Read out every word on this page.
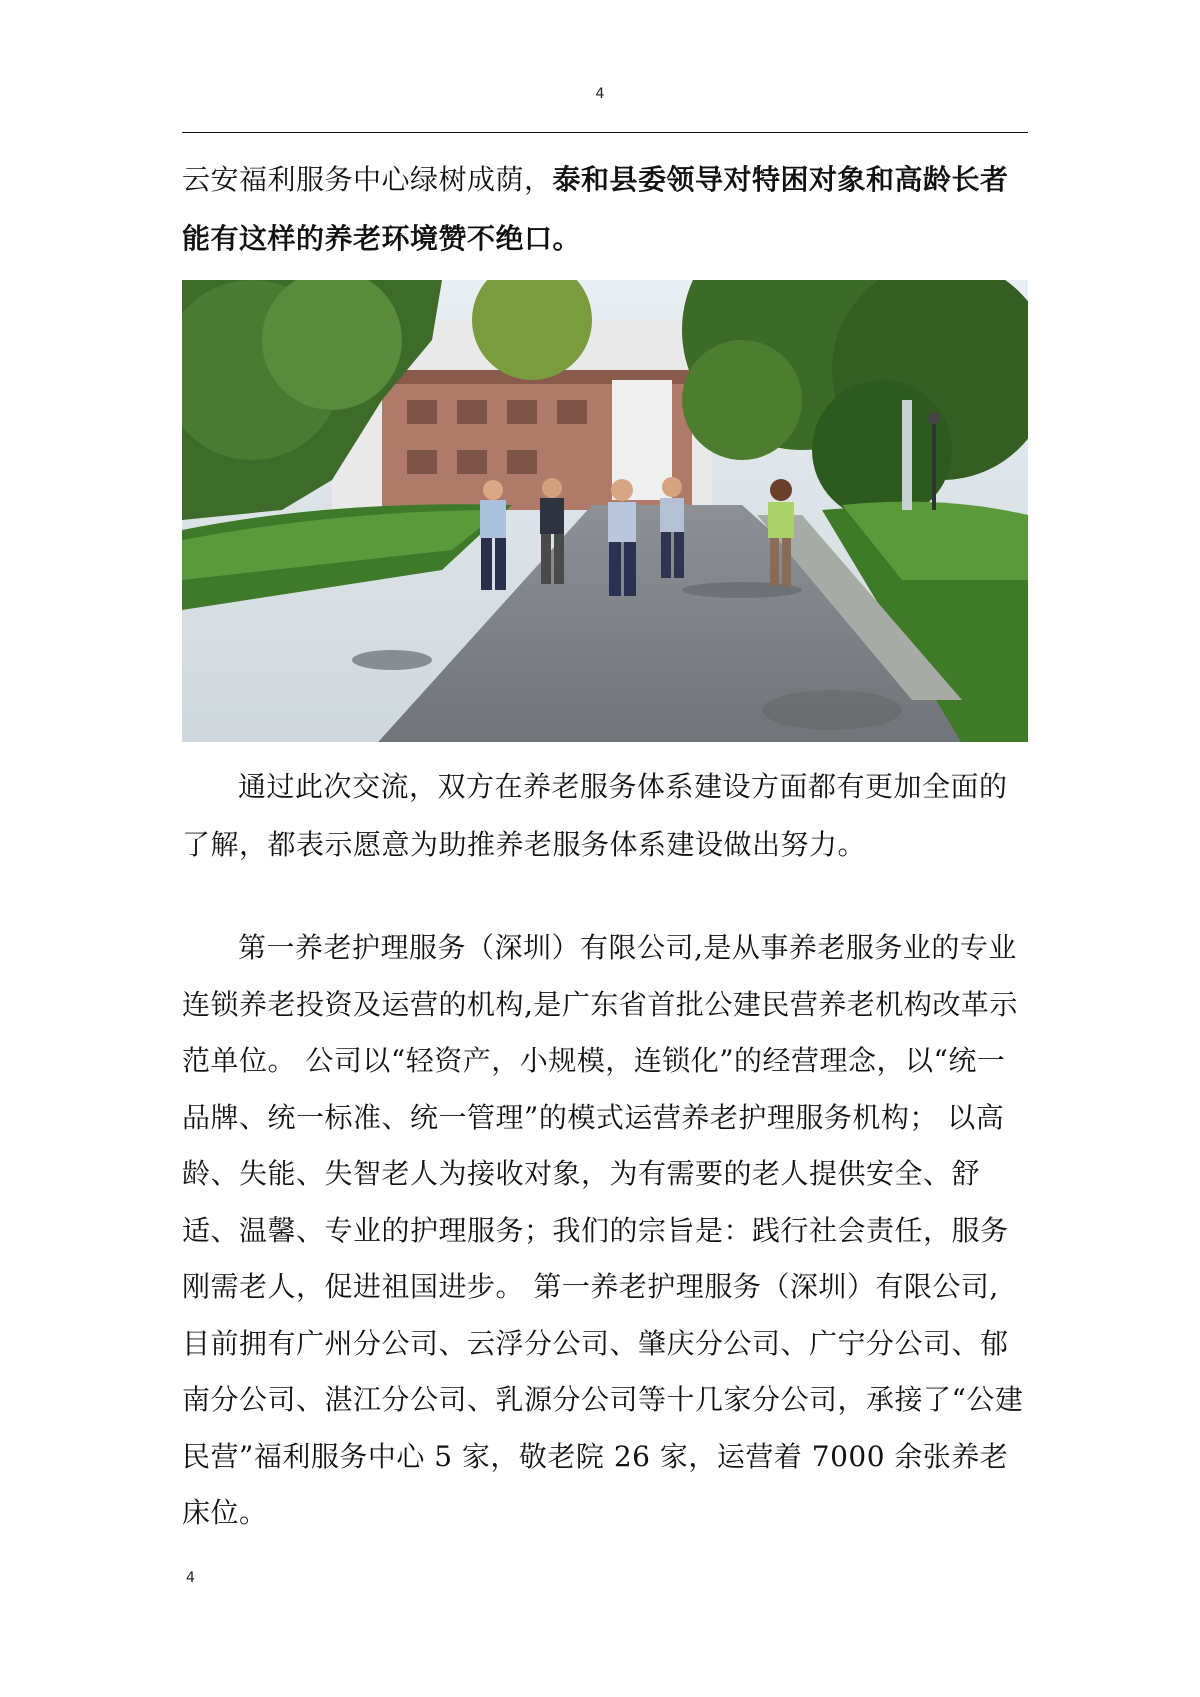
4

云安福利服务中心绿树成荫，泰和县委领导对特困对象和高龄长者能有这样的养老环境赞不绝口。

通过此次交流，双方在养老服务体系建设方面都有更加全面的了解，都表示愿意为助推养老服务体系建设做出努力。

第一养老护理服务（深圳）有限公司,是从事养老服务业的专业连锁养老投资及运营的机构,是广东省首批公建民营养老机构改革示范单位。 公司以“轻资产，小规模，连锁化”的经营理念，以“统一品牌、统一标准、统一管理”的模式运营养老护理服务机构； 以高龄、失能、失智老人为接收对象，为有需要的老人提供安全、舒适、温馨、专业的护理服务；我们的宗旨是：践行社会责任，服务刚需老人，促进祖国进步。 第一养老护理服务（深圳）有限公司, 目前拥有广州分公司、云浮分公司、肇庆分公司、广宁分公司、郁南分公司、湛江分公司、乳源分公司等十几家分公司，承接了“公建民营”福利服务中心 5 家，敬老院 26 家，运营着 7000 余张养老床位。

4
